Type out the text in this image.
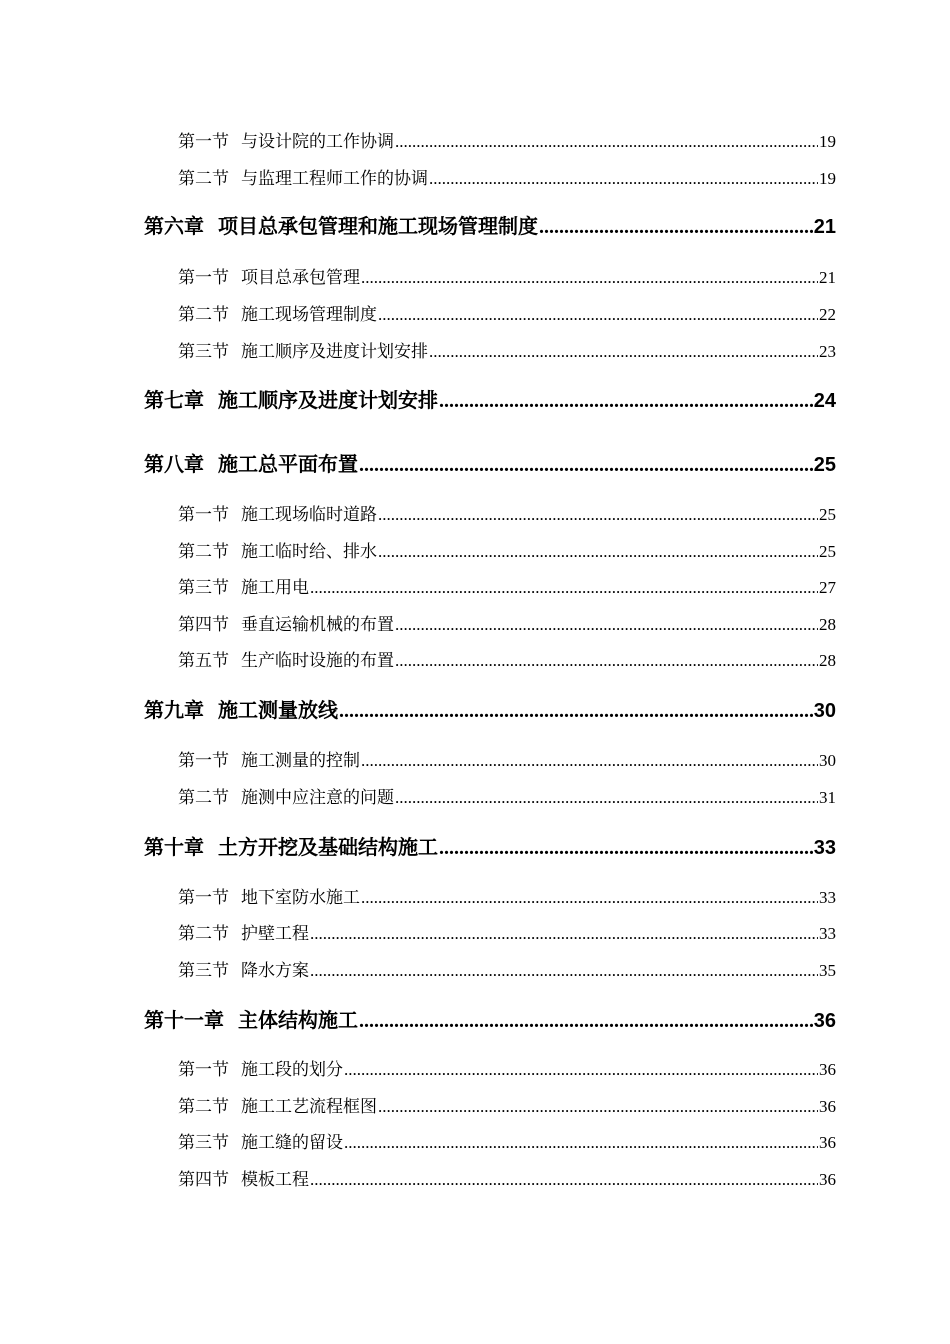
第一节 与设计院的工作协调 .....	19
第二节 与监理工程师工作的协调 .....	19
第六章 项目总承包管理和施工现场管理制度 .....	21
第一节 项目总承包管理 .....	21
第二节 施工现场管理制度 .....	22
第三节 施工顺序及进度计划安排 .....	23
第七章 施工顺序及进度计划安排 .....	24
第八章 施工总平面布置 .....	25
第一节 施工现场临时道路 .....	25
第二节 施工临时给、排水 .....	25
第三节 施工用电 .....	27
第四节 垂直运输机械的布置 .....	28
第五节 生产临时设施的布置 .....	28
第九章 施工测量放线 .....	30
第一节 施工测量的控制 .....	30
第二节 施测中应注意的问题 .....	31
第十章 土方开挖及基础结构施工 .....	33
第一节 地下室防水施工 .....	33
第二节 护壁工程 .....	33
第三节 降水方案 .....	35
第十一章 主体结构施工 .....	36
第一节 施工段的划分 .....	36
第二节 施工工艺流程框图 .....	36
第三节 施工缝的留设 .....	36
第四节 模板工程 .....	36
